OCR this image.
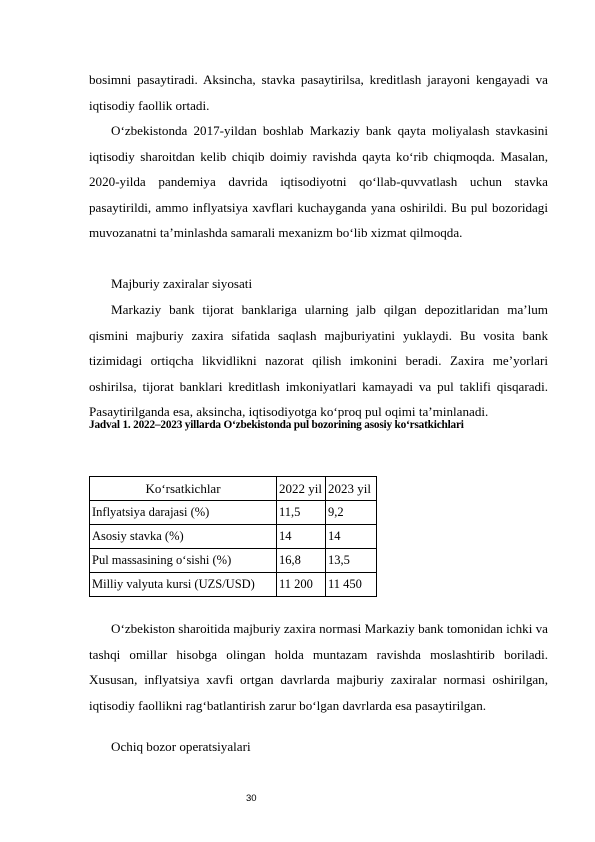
bosimni pasaytiradi. Aksincha, stavka pasaytirilsa, kreditlash jarayoni kengayadi va iqtisodiy faollik ortadi.

O‘zbekistonda 2017-yildan boshlab Markaziy bank qayta moliyalash stavkasini iqtisodiy sharoitdan kelib chiqib doimiy ravishda qayta ko‘rib chiqmoqda. Masalan, 2020-yilda pandemiya davrida iqtisodiyotni qo‘llab-quvvatlash uchun stavka pasaytirildi, ammo inflyatsiya xavflari kuchayganda yana oshirildi. Bu pul bozoridagi muvozanatni ta’minlashda samarali mexanizm bo‘lib xizmat qilmoqda.

Majburiy zaxiralar siyosati

Markaziy bank tijorat banklariga ularning jalb qilgan depozitlaridan ma’lum qismini majburiy zaxira sifatida saqlash majburiyatini yuklaydi. Bu vosita bank tizimidagi ortiqcha likvidlikni nazorat qilish imkonini beradi. Zaxira me’yorlari oshirilsa, tijorat banklari kreditlash imkoniyatlari kamayadi va pul taklifi qisqaradi. Pasaytirilganda esa, aksincha, iqtisodiyotga ko‘proq pul oqimi ta’minlanadi.

Jadval 1. 2022–2023 yillarda O‘zbekistonda pul bozorining asosiy ko‘rsatkichlari

Ko‘rsatkichlar	2022 yil	2023 yil
Inflyatsiya darajasi (%)	11,5	9,2
Asosiy stavka (%)	14	14
Pul massasining o‘sishi (%)	16,8	13,5
Milliy valyuta kursi (UZS/USD)	11 200	11 450

O‘zbekiston sharoitida majburiy zaxira normasi Markaziy bank tomonidan ichki va tashqi omillar hisobga olingan holda muntazam ravishda moslashtirib boriladi. Xususan, inflyatsiya xavfi ortgan davrlarda majburiy zaxiralar normasi oshirilgan, iqtisodiy faollikni rag‘batlantirish zarur bo‘lgan davrlarda esa pasaytirilgan.

Ochiq bozor operatsiyalari

30
